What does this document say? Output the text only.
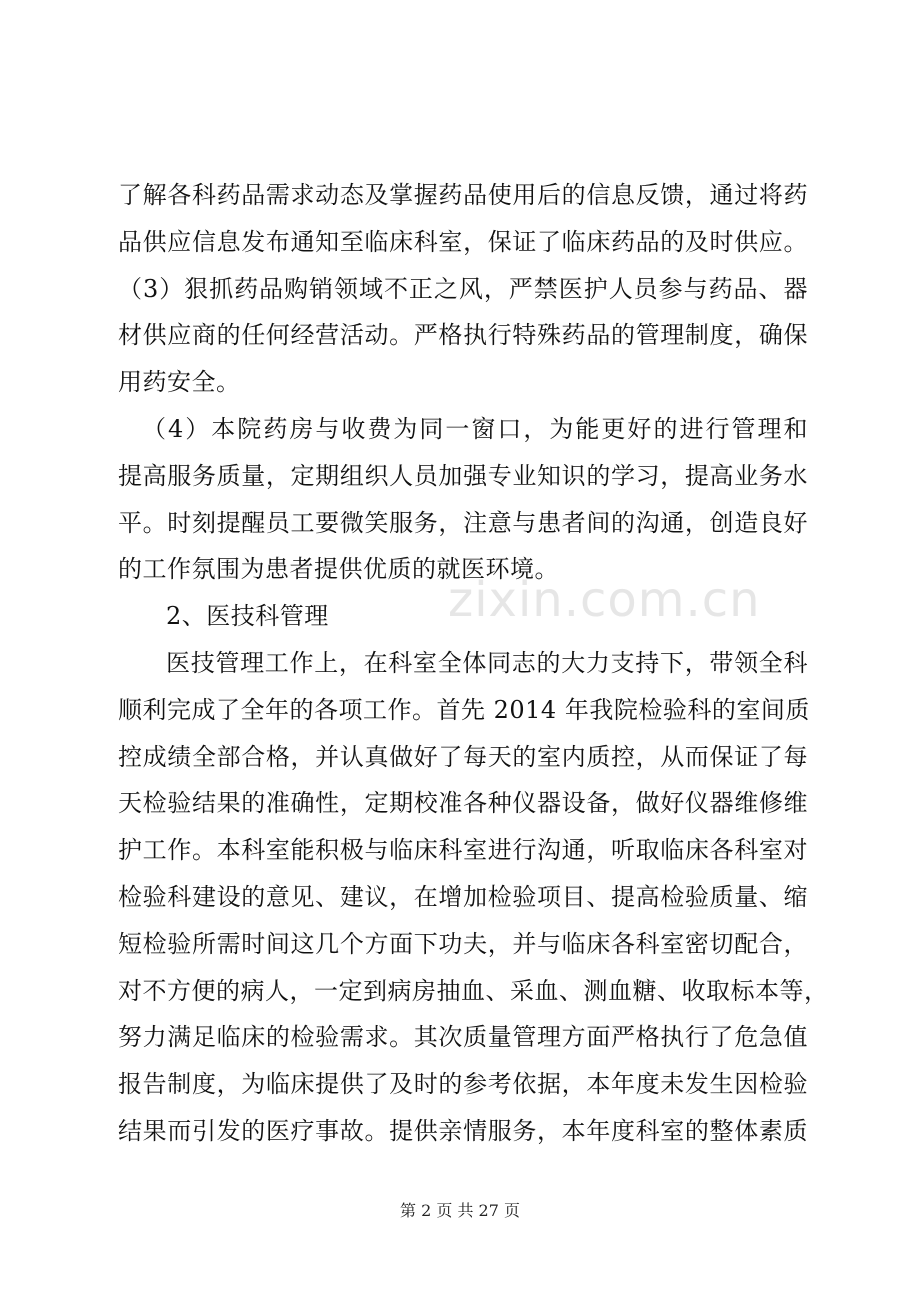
zixin.com.cn
了解各科药品需求动态及掌握药品使用后的信息反馈，通过将药
品供应信息发布通知至临床科室，保证了临床药品的及时供应。
（3）狠抓药品购销领域不正之风，严禁医护人员参与药品、器
材供应商的任何经营活动。严格执行特殊药品的管理制度，确保
用药安全。
（4）本院药房与收费为同一窗口，为能更好的进行管理和
提高服务质量，定期组织人员加强专业知识的学习，提高业务水
平。时刻提醒员工要微笑服务，注意与患者间的沟通，创造良好
的工作氛围为患者提供优质的就医环境。
2、医技科管理
医技管理工作上，在科室全体同志的大力支持下，带领全科
顺利完成了全年的各项工作。首先 2014 年我院检验科的室间质
控成绩全部合格，并认真做好了每天的室内质控，从而保证了每
天检验结果的准确性，定期校准各种仪器设备，做好仪器维修维
护工作。本科室能积极与临床科室进行沟通，听取临床各科室对
检验科建设的意见、建议，在增加检验项目、提高检验质量、缩
短检验所需时间这几个方面下功夫，并与临床各科室密切配合，
对不方便的病人，一定到病房抽血、采血、测血糖、收取标本等，
努力满足临床的检验需求。其次质量管理方面严格执行了危急值
报告制度，为临床提供了及时的参考依据，本年度未发生因检验
结果而引发的医疗事故。提供亲情服务，本年度科室的整体素质
第 2 页 共 27 页
